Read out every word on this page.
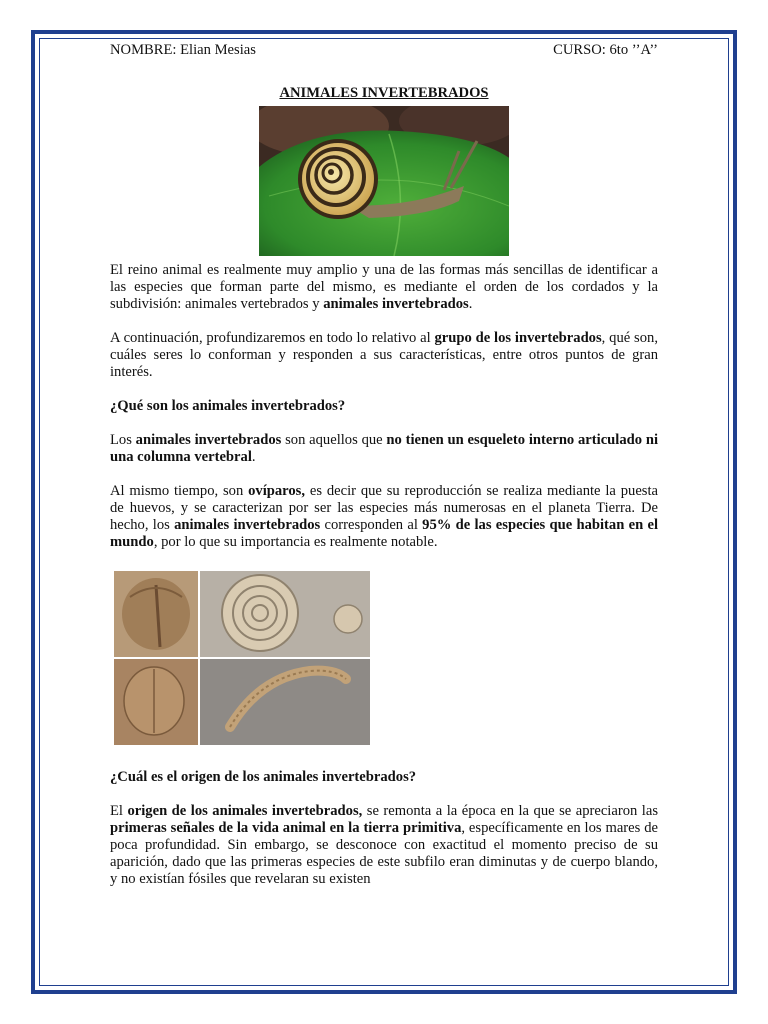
NOMBRE: Elian Mesias	CURSO: 6to ’’A’’
ANIMALES INVERTEBRADOS

El reino animal es realmente muy amplio y una de las formas más sencillas de identificar a las especies que forman parte del mismo, es mediante el orden de los cordados y la subdivisión: animales vertebrados y animales invertebrados.

A continuación, profundizaremos en todo lo relativo al grupo de los invertebrados, qué son, cuáles seres lo conforman y responden a sus características, entre otros puntos de gran interés.

¿Qué son los animales invertebrados?

Los animales invertebrados son aquellos que no tienen un esqueleto interno articulado ni una columna vertebral.

Al mismo tiempo, son ovíparos, es decir que su reproducción se realiza mediante la puesta de huevos, y se caracterizan por ser las especies más numerosas en el planeta Tierra. De hecho, los animales invertebrados corresponden al 95% de las especies que habitan en el mundo, por lo que su importancia es realmente notable.

¿Cuál es el origen de los animales invertebrados?

El origen de los animales invertebrados, se remonta a la época en la que se apreciaron las primeras señales de la vida animal en la tierra primitiva, específicamente en los mares de poca profundidad. Sin embargo, se desconoce con exactitud el momento preciso de su aparición, dado que las primeras especies de este subfilo eran diminutas y de cuerpo blando, y no existían fósiles que revelaran su existen
